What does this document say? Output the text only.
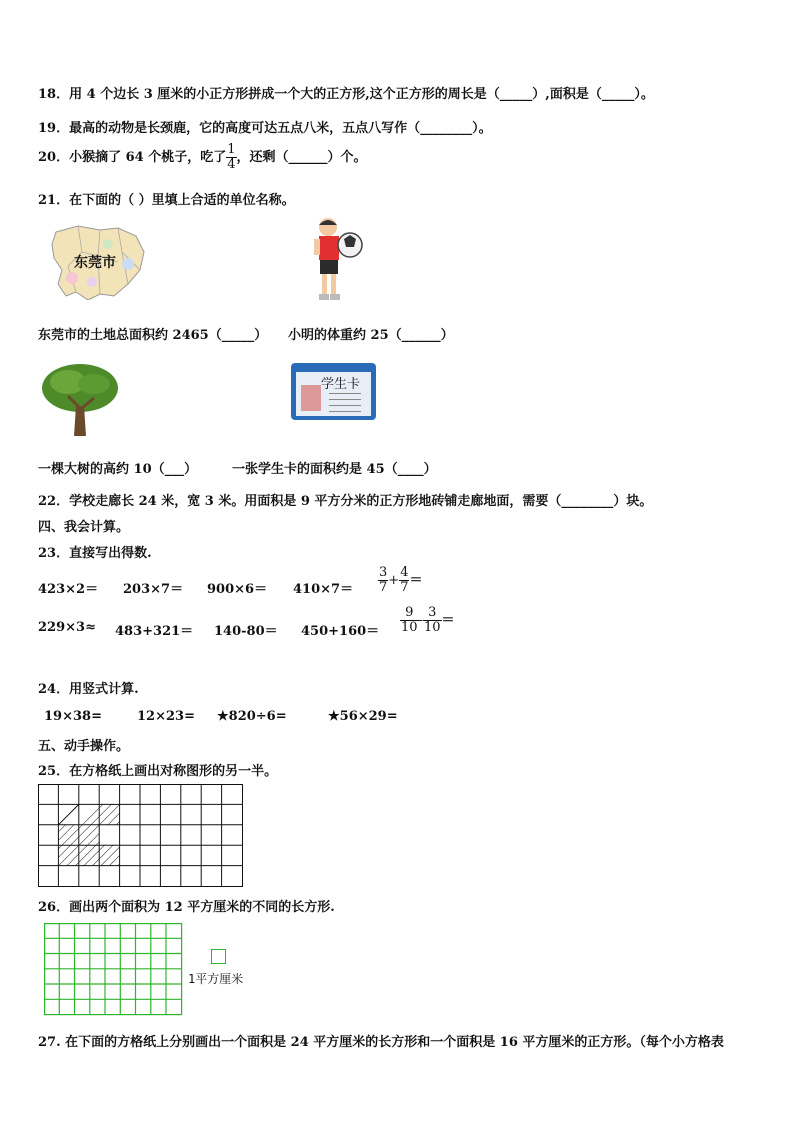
18．用 4 个边长 3 厘米的小正方形拼成一个大的正方形,这个正方形的周长是（_____）,面积是（_____）。
19．最高的动物是长颈鹿，它的高度可达五点八米，五点八写作（________）。
20．小猴摘了 64 个桃子，吃了 $\frac{1}{4}$ ，还剩（______）个。
21．在下面的（ ）里填上合适的单位名称。
东莞市
东莞市的土地总面积约 2465（_____） 小明的体重约 25（______）
学生卡
一棵大树的高约 10（___）	一张学生卡的面积约是 45（____）
22．学校走廊长 24 米，宽 3 米。用面积是 9 平方分米的正方形地砖铺走廊地面，需要（________）块。
四、我会计算。
23．直接写出得数.
$423\times 2= 203\times 7= 900\times 6= 410\times 7= \frac{3}{7} + \frac{4}{7}$ ＝
$229\times 3\approx 483+321= 140-80= 450+160= \frac{9}{10} - \frac{3}{10}$ ＝
24．用竖式计算.
19×38=	12×23= ★820÷6=	★56×29=
五、动手操作。
25．在方格纸上画出对称图形的另一半。
26．画出两个面积为 12 平方厘米的不同的长方形.
1平方厘米
27. 在下面的方格纸上分别画出一个面积是 24 平方厘米的长方形和一个面积是 16 平方厘米的正方形。（每个小方格表
